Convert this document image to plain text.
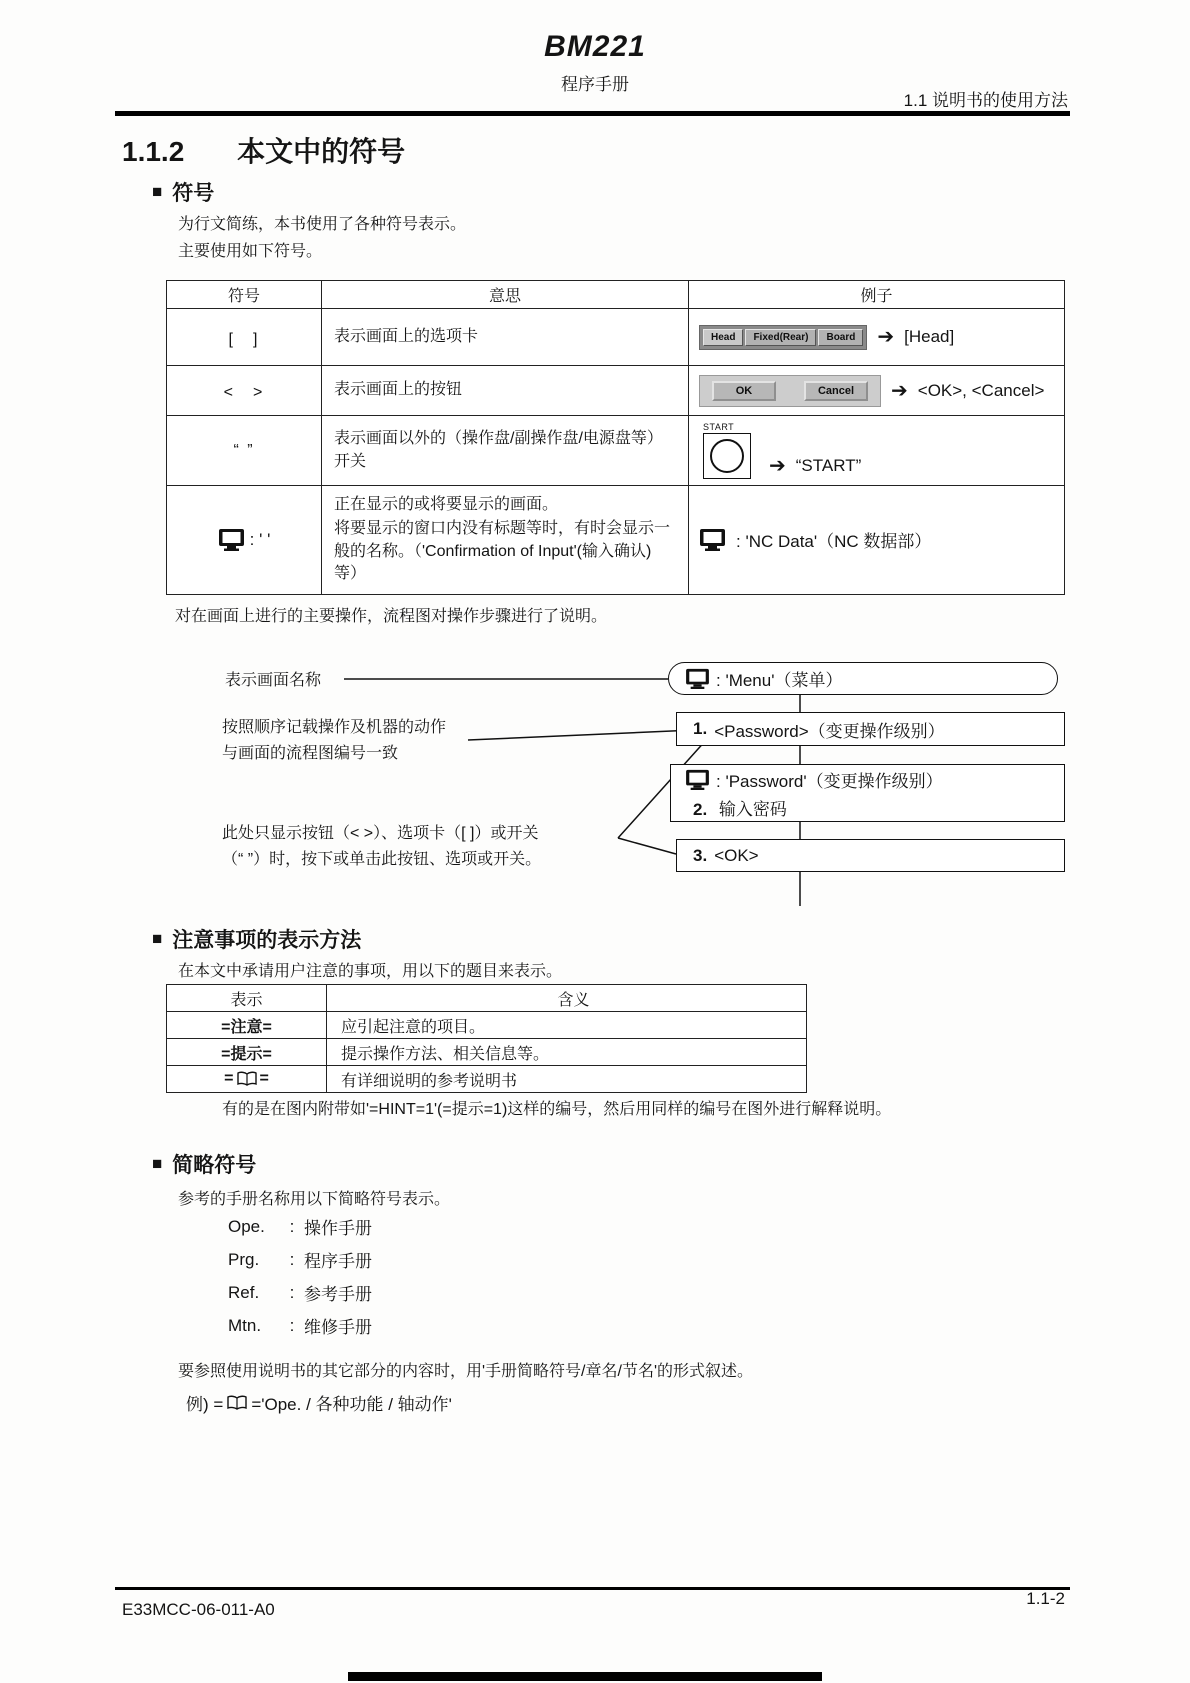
BM221
程序手册
1.1 说明书的使用方法
1.1.2 本文中的符号
■ 符号

为行文简练，本书使用了各种符号表示。

主要使用如下符号。

符号	意思	例子
[　]	表示画面上的选项卡	Head Fixed(Rear) Board ➔ [Head]

<　>	表示画面上的按钮	OK Cancel ➔ <OK>, <Cancel>

“ ”	表示画面以外的（操作盘/副操作盘/电源盘等）开关	START
➔ “START”

: ' '	正在显示的或将要显示的画面。
将要显示的窗口内没有标题等时，有时会显示一般的名称。（'Confirmation of Input'(输入确认) 等）	: 'NC Data'（NC 数据部）
对在画面上进行的主要操作，流程图对操作步骤进行了说明。
表示画面名称
按照顺序记载操作及机器的动作
与画面的流程图编号一致
此处只显示按钮（< >）、选项卡（[ ]）或开关
（“ ”）时，按下或单击此按钮、选项或开关。
: 'Menu'（菜单）
1. <Password>（变更操作级别）
: 'Password'（变更操作级别）
2. 输入密码
3. <OK>
■ 注意事项的表示方法

在本文中承请用户注意的事项，用以下的题目来表示。

表示	含义
=注意=	应引起注意的项目。
=提示=	提示操作方法、相关信息等。

= =	有详细说明的参考说明书

有的是在图内附带如'=HINT=1'(=提示=1)这样的编号，然后用同样的编号在图外进行解释说明。

■ 简略符号

参考的手册名称用以下简略符号表示。

Ope.	: 操作手册
Prg.	: 程序手册
Ref.	: 参考手册
Mtn.	: 维修手册

要参照使用说明书的其它部分的内容时，用'手册简略符号/章名/节名'的形式叙述。

例) = ='Ope. / 各种功能 / 轴动作'
E33MCC-06-011-A0
1.1-2
